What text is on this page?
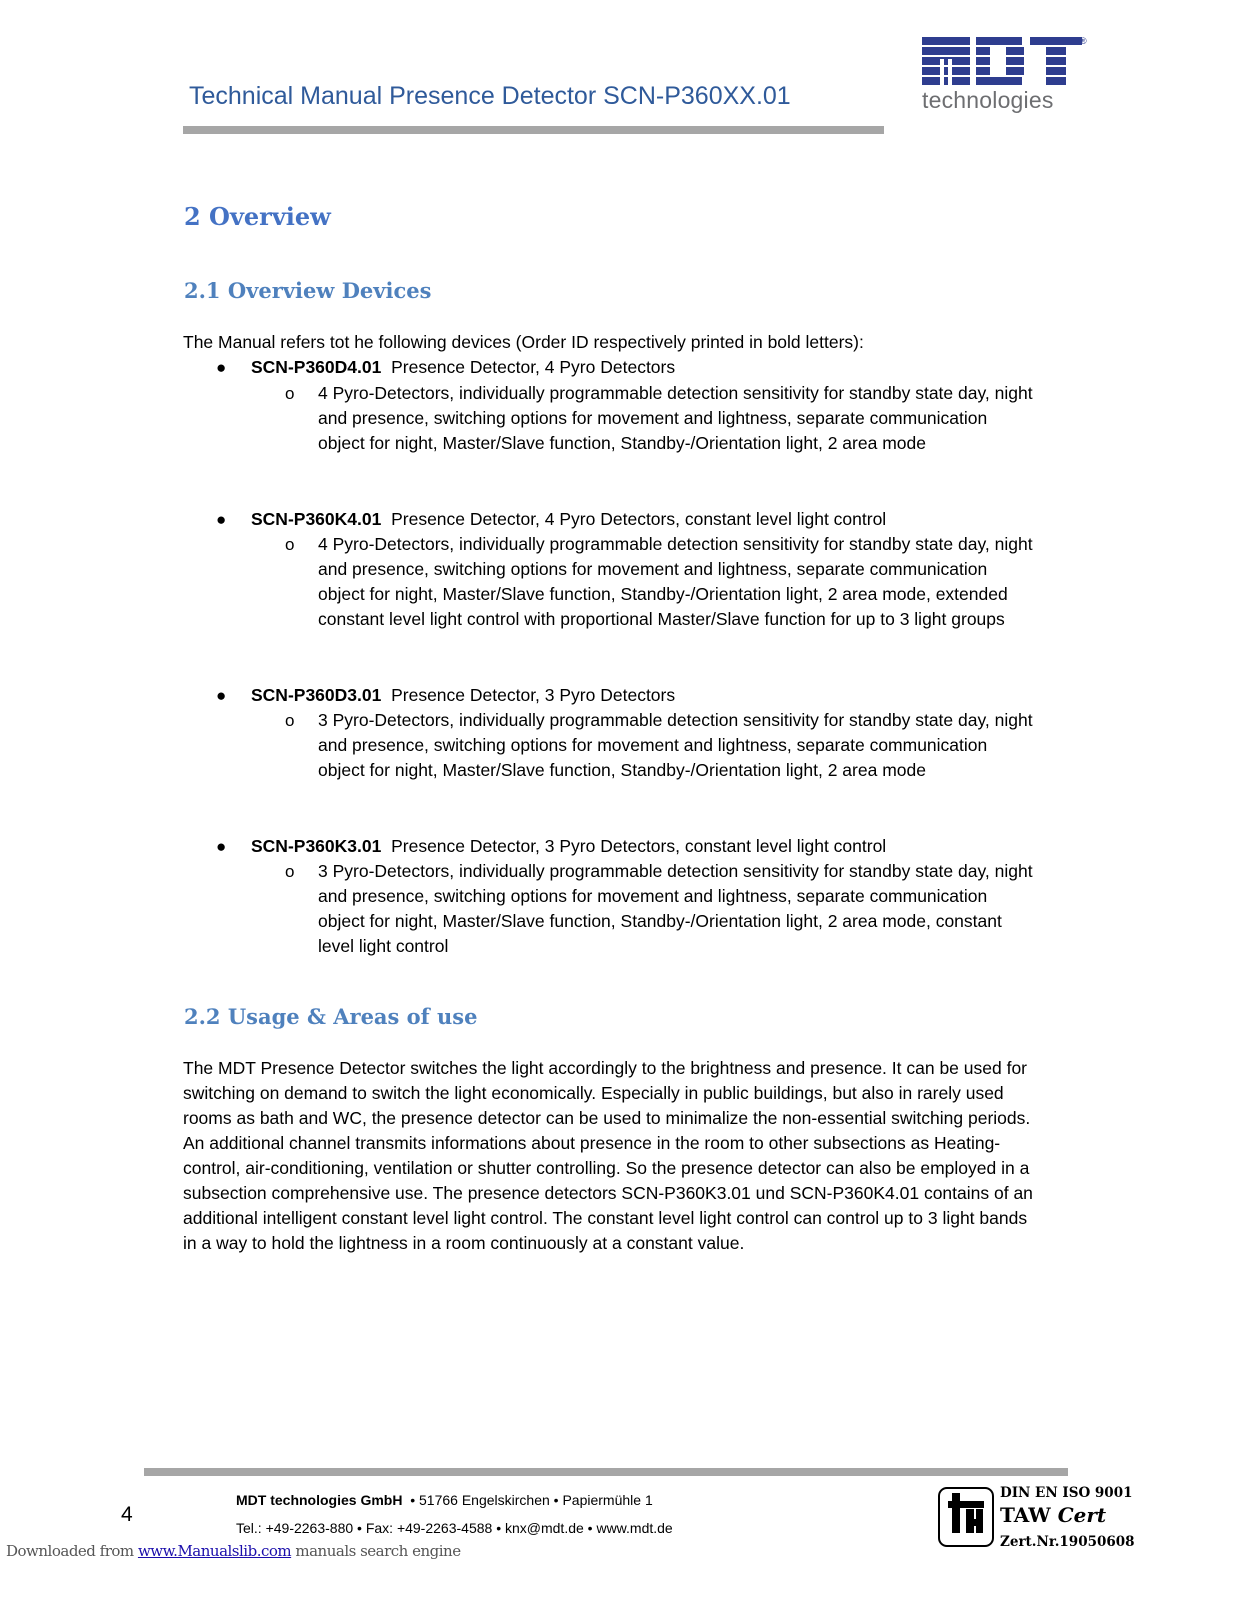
Technical Manual Presence Detector SCN-P360XX.01
®
technologies
2 Overview
2.1 Overview Devices
The Manual refers tot he following devices (Order ID respectively printed in bold letters):
● SCN-P360D4.01 Presence Detector, 4 Pyro Detectors
o 4 Pyro-Detectors, individually programmable detection sensitivity for standby state day, night and presence, switching options for movement and lightness, separate communication object for night, Master/Slave function, Standby-/Orientation light, 2 area mode
● SCN-P360K4.01 Presence Detector, 4 Pyro Detectors, constant level light control
o 4 Pyro-Detectors, individually programmable detection sensitivity for standby state day, night and presence, switching options for movement and lightness, separate communication object for night, Master/Slave function, Standby-/Orientation light, 2 area mode, extended constant level light control with proportional Master/Slave function for up to 3 light groups
● SCN-P360D3.01 Presence Detector, 3 Pyro Detectors
o 3 Pyro-Detectors, individually programmable detection sensitivity for standby state day, night and presence, switching options for movement and lightness, separate communication object for night, Master/Slave function, Standby-/Orientation light, 2 area mode
● SCN-P360K3.01 Presence Detector, 3 Pyro Detectors, constant level light control
o 3 Pyro-Detectors, individually programmable detection sensitivity for standby state day, night and presence, switching options for movement and lightness, separate communication object for night, Master/Slave function, Standby-/Orientation light, 2 area mode, constant level light control
2.2 Usage & Areas of use
The MDT Presence Detector switches the light accordingly to the brightness and presence. It can be used for switching on demand to switch the light economically. Especially in public buildings, but also in rarely used rooms as bath and WC, the presence detector can be used to minimalize the non-essential switching periods. An additional channel transmits informations about presence in the room to other subsections as Heating-control, air-conditioning, ventilation or shutter controlling. So the presence detector can also be employed in a subsection comprehensive use. The presence detectors SCN-P360K3.01 und SCN-P360K4.01 contains of an additional intelligent constant level light control. The constant level light control can control up to 3 light bands in a way to hold the lightness in a room continuously at a constant value.
4
MDT technologies GmbH • 51766 Engelskirchen • Papiermühle 1
Tel.: +49-2263-880 • Fax: +49-2263-4588 • knx@mdt.de • www.mdt.de
DIN EN ISO 9001
TAW Cert
Zert.Nr.19050608
Downloaded from www.Manualslib.com manuals search engine
